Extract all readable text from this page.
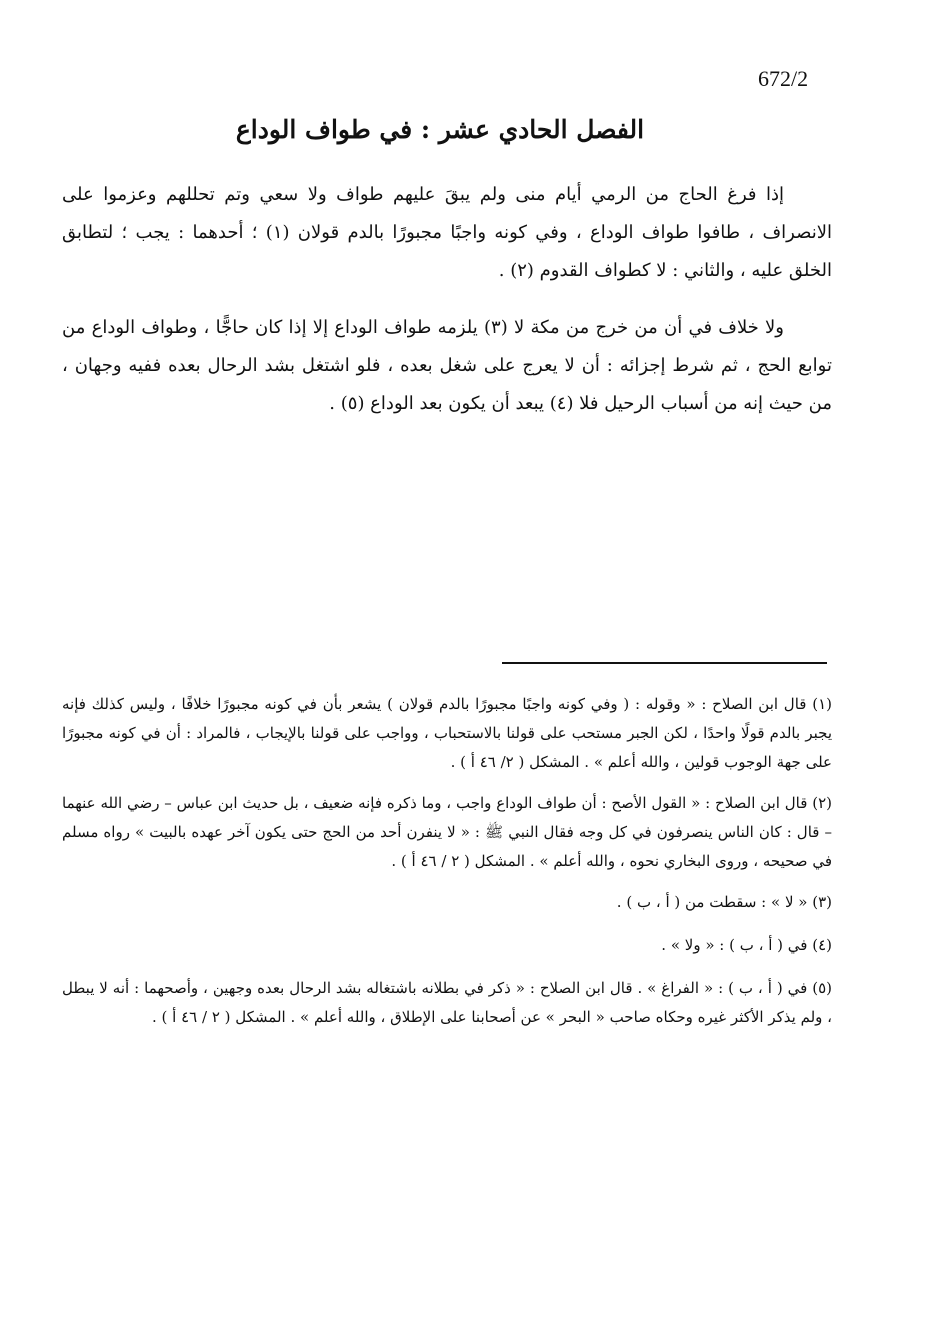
672/2
الفصل الحادي عشر : في طواف الوداع

إذا فرغ الحاج من الرمي أيام منى ولم يبقَ عليهم طواف ولا سعي وتم تحللهم وعزموا على الانصراف ، طافوا طواف الوداع ، وفي كونه واجبًا مجبورًا بالدم قولان (١) ؛ أحدهما : يجب ؛ لتطابق الخلق عليه ، والثاني : لا كطواف القدوم (٢) .

ولا خلاف في أن من خرج من مكة لا (٣) يلزمه طواف الوداع إلا إذا كان حاجًّا ، وطواف الوداع من توابع الحج ، ثم شرط إجزائه : أن لا يعرج على شغل بعده ، فلو اشتغل بشد الرحال بعده ففيه وجهان ، من حيث إنه من أسباب الرحيل فلا (٤) يبعد أن يكون بعد الوداع (٥) .

(١) قال ابن الصلاح : « وقوله : ( وفي كونه واجبًا مجبورًا بالدم قولان ) يشعر بأن في كونه مجبورًا خلافًا ، وليس كذلك فإنه يجبر بالدم قولًا واحدًا ، لكن الجبر مستحب على قولنا بالاستحباب ، وواجب على قولنا بالإيجاب ، فالمراد : أن في كونه مجبورًا على جهة الوجوب قولين ، والله أعلم » . المشكل ( ٢/ ٤٦ أ ) .

(٢) قال ابن الصلاح : « القول الأصح : أن طواف الوداع واجب ، وما ذكره فإنه ضعيف ، بل حديث ابن عباس – رضي الله عنهما – قال : كان الناس ينصرفون في كل وجه فقال النبي ﷺ : « لا ينفرن أحد من الحج حتى يكون آخر عهده بالبيت » رواه مسلم في صحيحه ، وروى البخاري نحوه ، والله أعلم » . المشكل ( ٢ / ٤٦ أ ) .

(٣) « لا » : سقطت من ( أ ، ب ) .

(٤) في ( أ ، ب ) : « ولا » .

(٥) في ( أ ، ب ) : « الفراغ » . قال ابن الصلاح : « ذكر في بطلانه باشتغاله بشد الرحال بعده وجهين ، وأصحهما : أنه لا يبطل ، ولم يذكر الأكثر غيره وحكاه صاحب « البحر » عن أصحابنا على الإطلاق ، والله أعلم » . المشكل ( ٢ / ٤٦ أ ) .
